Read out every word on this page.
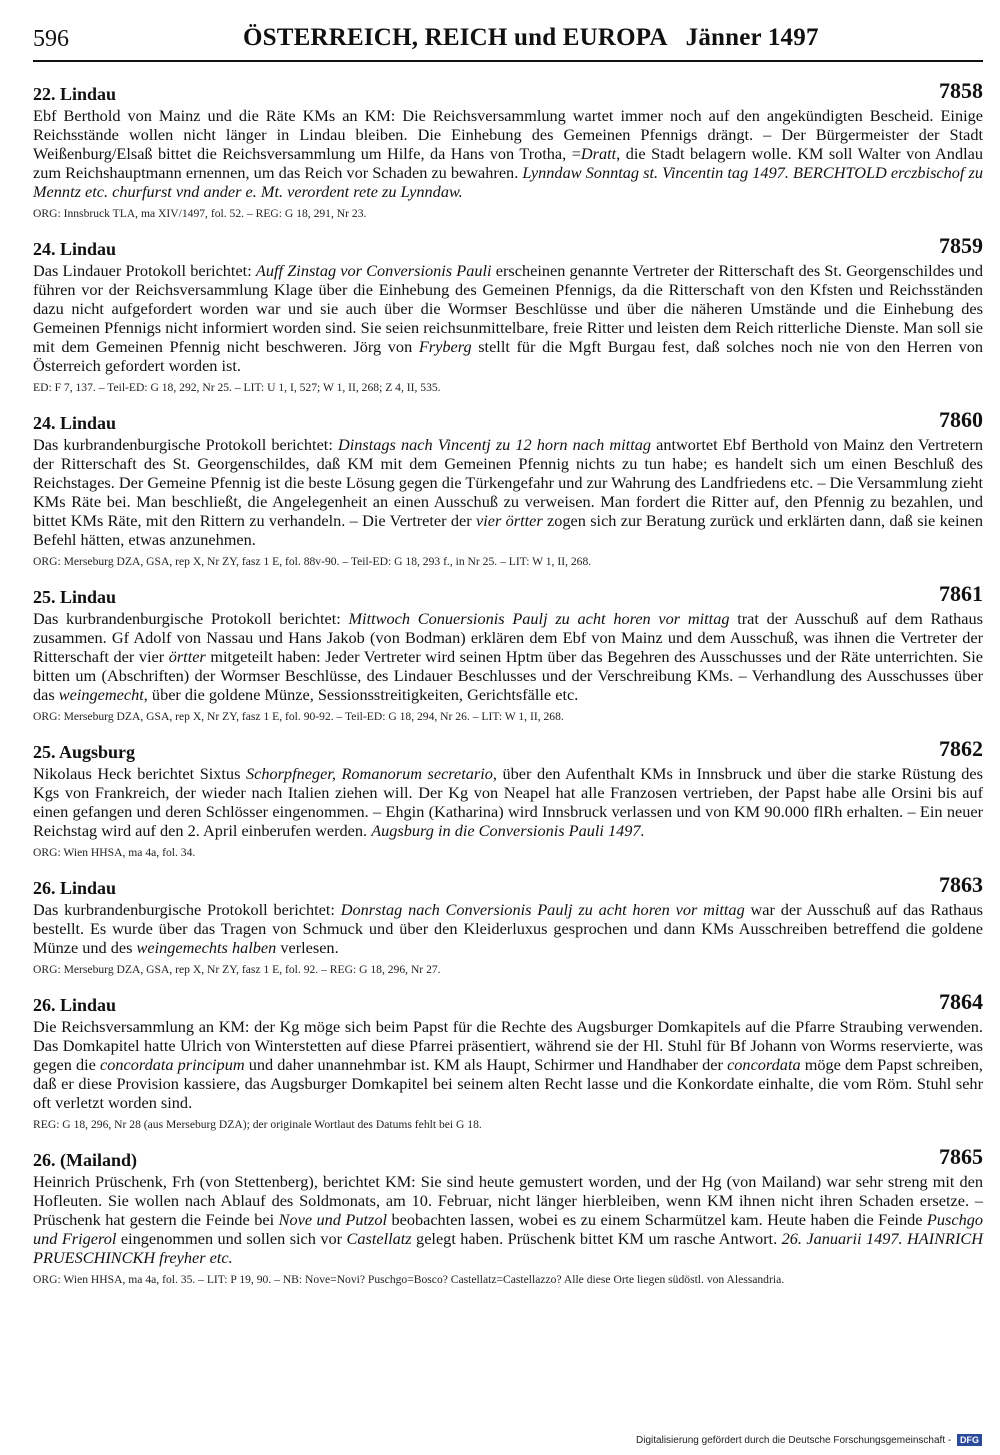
596	ÖSTERREICH, REICH und EUROPA   Jänner 1497
22. Lindau	7858

Ebf Berthold von Mainz und die Räte KMs an KM: Die Reichsversammlung wartet immer noch auf den angekündigten Bescheid. Einige Reichsstände wollen nicht länger in Lindau bleiben. Die Einhebung des Gemeinen Pfennigs drängt. – Der Bürgermeister der Stadt Weißenburg/Elsaß bittet die Reichsversammlung um Hilfe, da Hans von Trotha, =Dratt, die Stadt belagern wolle. KM soll Walter von Andlau zum Reichshauptmann ernennen, um das Reich vor Schaden zu bewahren. Lynndaw Sonntag st. Vincentin tag 1497. BERCHTOLD erczbischof zu Menntz etc. churfurst vnd ander e. Mt. verordent rete zu Lynndaw.

ORG: Innsbruck TLA, ma XIV/1497, fol. 52. – REG: G 18, 291, Nr 23.
24. Lindau	7859

Das Lindauer Protokoll berichtet: Auff Zinstag vor Conversionis Pauli erscheinen genannte Vertreter der Ritterschaft des St. Georgenschildes und führen vor der Reichsversammlung Klage über die Einhebung des Gemeinen Pfennigs, da die Ritterschaft von den Kfsten und Reichsständen dazu nicht aufgefordert worden war und sie auch über die Wormser Beschlüsse und über die näheren Umstände und die Einhebung des Gemeinen Pfennigs nicht informiert worden sind. Sie seien reichsunmittelbare, freie Ritter und leisten dem Reich ritterliche Dienste. Man soll sie mit dem Gemeinen Pfennig nicht beschweren. Jörg von Fryberg stellt für die Mgft Burgau fest, daß solches noch nie von den Herren von Österreich gefordert worden ist.

ED: F 7, 137. – Teil-ED: G 18, 292, Nr 25. – LIT: U 1, I, 527; W 1, II, 268; Z 4, II, 535.
24. Lindau	7860

Das kurbrandenburgische Protokoll berichtet: Dinstags nach Vincentj zu 12 horn nach mittag antwortet Ebf Berthold von Mainz den Vertretern der Ritterschaft des St. Georgenschildes, daß KM mit dem Gemeinen Pfennig nichts zu tun habe; es handelt sich um einen Beschluß des Reichstages. Der Gemeine Pfennig ist die beste Lösung gegen die Türkengefahr und zur Wahrung des Landfriedens etc. – Die Versammlung zieht KMs Räte bei. Man beschließt, die Angelegenheit an einen Ausschuß zu verweisen. Man fordert die Ritter auf, den Pfennig zu bezahlen, und bittet KMs Räte, mit den Rittern zu verhandeln. – Die Vertreter der vier örtter zogen sich zur Beratung zurück und erklärten dann, daß sie keinen Befehl hätten, etwas anzunehmen.

ORG: Merseburg DZA, GSA, rep X, Nr ZY, fasz 1 E, fol. 88v-90. – Teil-ED: G 18, 293 f., in Nr 25. – LIT: W 1, II, 268.
25. Lindau	7861

Das kurbrandenburgische Protokoll berichtet: Mittwoch Conuersionis Paulj zu acht horen vor mittag trat der Ausschuß auf dem Rathaus zusammen. Gf Adolf von Nassau und Hans Jakob (von Bodman) erklären dem Ebf von Mainz und dem Ausschuß, was ihnen die Vertreter der Ritterschaft der vier örtter mitgeteilt haben: Jeder Vertreter wird seinen Hptm über das Begehren des Ausschusses und der Räte unterrichten. Sie bitten um (Abschriften) der Wormser Beschlüsse, des Lindauer Beschlusses und der Verschreibung KMs. – Verhandlung des Ausschusses über das weingemecht, über die goldene Münze, Sessionsstreitigkeiten, Gerichtsfälle etc.

ORG: Merseburg DZA, GSA, rep X, Nr ZY, fasz 1 E, fol. 90-92. – Teil-ED: G 18, 294, Nr 26. – LIT: W 1, II, 268.
25. Augsburg	7862

Nikolaus Heck berichtet Sixtus Schorpfneger, Romanorum secretario, über den Aufenthalt KMs in Innsbruck und über die starke Rüstung des Kgs von Frankreich, der wieder nach Italien ziehen will. Der Kg von Neapel hat alle Franzosen vertrieben, der Papst habe alle Orsini bis auf einen gefangen und deren Schlösser eingenommen. – Ehgin (Katharina) wird Innsbruck verlassen und von KM 90.000 flRh erhalten. – Ein neuer Reichstag wird auf den 2. April einberufen werden. Augsburg in die Conversionis Pauli 1497.

ORG: Wien HHSA, ma 4a, fol. 34.
26. Lindau	7863

Das kurbrandenburgische Protokoll berichtet: Donrstag nach Conversionis Paulj zu acht horen vor mittag war der Ausschuß auf das Rathaus bestellt. Es wurde über das Tragen von Schmuck und über den Kleiderluxus gesprochen und dann KMs Ausschreiben betreffend die goldene Münze und des weingemechts halben verlesen.

ORG: Merseburg DZA, GSA, rep X, Nr ZY, fasz 1 E, fol. 92. – REG: G 18, 296, Nr 27.
26. Lindau	7864

Die Reichsversammlung an KM: der Kg möge sich beim Papst für die Rechte des Augsburger Domkapitels auf die Pfarre Straubing verwenden. Das Domkapitel hatte Ulrich von Winterstetten auf diese Pfarrei präsentiert, während sie der Hl. Stuhl für Bf Johann von Worms reservierte, was gegen die concordata principum und daher unannehmbar ist. KM als Haupt, Schirmer und Handhaber der concordata möge dem Papst schreiben, daß er diese Provision kassiere, das Augsburger Domkapitel bei seinem alten Recht lasse und die Konkordate einhalte, die vom Röm. Stuhl sehr oft verletzt worden sind.

REG: G 18, 296, Nr 28 (aus Merseburg DZA); der originale Wortlaut des Datums fehlt bei G 18.
26. (Mailand)	7865

Heinrich Prüschenk, Frh (von Stettenberg), berichtet KM: Sie sind heute gemustert worden, und der Hg (von Mailand) war sehr streng mit den Hofleuten. Sie wollen nach Ablauf des Soldmonats, am 10. Februar, nicht länger hierbleiben, wenn KM ihnen nicht ihren Schaden ersetze. – Prüschenk hat gestern die Feinde bei Nove und Putzol beobachten lassen, wobei es zu einem Scharmützel kam. Heute haben die Feinde Puschgo und Frigerol eingenommen und sollen sich vor Castellatz gelegt haben. Prüschenk bittet KM um rasche Antwort. 26. Januarii 1497. HAINRICH PRUESCHINCKH freyher etc.

ORG: Wien HHSA, ma 4a, fol. 35. – LIT: P 19, 90. – NB: Nove=Novi? Puschgo=Bosco? Castellatz=Castellazzo? Alle diese Orte liegen südöstl. von Alessandria.
Digitalisierung gefördert durch die Deutsche Forschungsgemeinschaft - DFG
